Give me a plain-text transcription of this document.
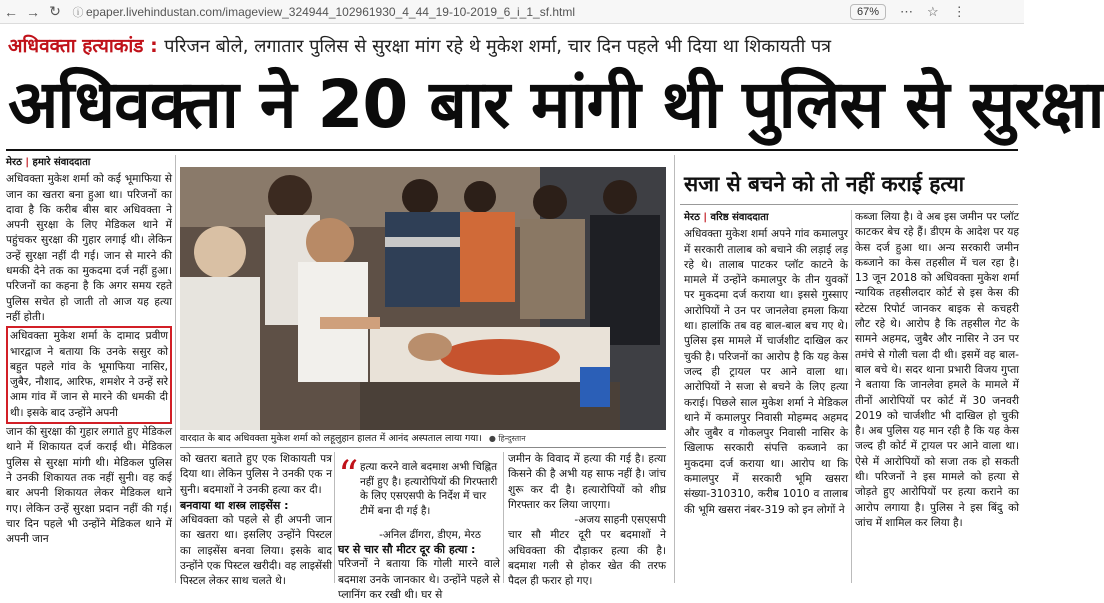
← → ↻	ⓘ epaper.livehindustan.com/imageview_324944_102961930_4_44_19-10-2019_6_i_1_sf.html	67%	⋯ ☆ ⋮
अधिवक्ता हत्याकांड : परिजन बोले, लगातार पुलिस से सुरक्षा मांग रहे थे मुकेश शर्मा, चार दिन पहले भी दिया था शिकायती पत्र
अधिवक्ता ने 20 बार मांगी थी पुलिस से सुरक्षा
मेरठ | हमारे संवाददाता

अधिवक्ता मुकेश शर्मा को कई भूमाफिया से जान का खतरा बना हुआ था। परिजनों का दावा है कि करीब बीस बार अधिवक्ता ने अपनी सुरक्षा के लिए मेडिकल थाने में पहुंचकर सुरक्षा की गुहार लगाई थी। लेकिन उन्हें सुरक्षा नहीं दी गई। जान से मारने की धमकी देने तक का मुकदमा दर्ज नहीं हुआ। परिजनों का कहना है कि अगर समय रहते पुलिस सचेत हो जाती तो आज यह हत्या नहीं होती।

अधिवक्ता मुकेश शर्मा के दामाद प्रवीण भारद्वाज ने बताया कि उनके ससुर को बहुत पहले गांव के भूमाफिया नासिर, जुबैर, नौशाद, आरिफ, शमशेर ने उन्हें सरे आम गांव में जान से मारने की धमकी दी थी। इसके बाद उन्होंने अपनी

जान की सुरक्षा की गुहार लगाते हुए मेडिकल थाने में शिकायत दर्ज कराई थी। मेडिकल पुलिस से सुरक्षा मांगी थी। मेडिकल पुलिस ने उनकी शिकायत तक नहीं सुनी। वह कई बार अपनी शिकायत लेकर मेडिकल थाने गए। लेकिन उन्हें सुरक्षा प्रदान नहीं की गई। चार दिन पहले भी उन्होंने मेडिकल थाने में अपनी जान

वारदात के बाद अधिवक्ता मुकेश शर्मा को लहूलुहान हालत में आनंद अस्पताल लाया गया। ● हिन्दुस्तान

को खतरा बताते हुए एक शिकायती पत्र दिया था। लेकिन पुलिस ने उनकी एक न सुनी। बदमाशों ने उनकी हत्या कर दी।

बनवाया था शस्त्र लाइसेंस :

अधिवक्ता को पहले से ही अपनी जान का खतरा था। इसलिए उन्होंने पिस्टल का लाइसेंस बनवा लिया। इसके बाद उन्होंने एक पिस्टल खरीदी। वह लाइसेंसी पिस्टल लेकर साथ चलते थे।

“ हत्या करने वाले बदमाश अभी चिह्नित नहीं हुए है। हत्यारोपियों की गिरफ्तारी के लिए एसएसपी के निर्देश में चार टीमें बना दी गई है।

-अनिल ढींगरा, डीएम, मेरठ

घर से चार सौ मीटर दूर की हत्या :

परिजनों ने बताया कि गोली मारने वाले बदमाश उनके जानकार थे। उन्होंने पहले से प्लानिंग कर रखी थी। घर से

जमीन के विवाद में हत्या की गई है। हत्या किसने की है अभी यह साफ नहीं है। जांच शुरू कर दी है। हत्यारोपियों को शीघ्र गिरफ्तार कर लिया जाएगा।

-अजय साहनी एसएसपी

चार सौ मीटर दूरी पर बदमाशों ने अधिवक्ता की दौड़ाकर हत्या की है। बदमाश गली से होकर खेत की तरफ पैदल ही फरार हो गए।

सजा से बचने को तो नहीं कराई हत्या
मेरठ | वरिष्ठ संवाददाता

अधिवक्ता मुकेश शर्मा अपने गांव कमालपुर में सरकारी तालाब को बचाने की लड़ाई लड़ रहे थे। तालाब पाटकर प्लॉट काटने के मामले में उन्होंने कमालपुर के तीन युवकों पर मुकदमा दर्ज कराया था। इससे गुस्साए आरोपियों ने उन पर जानलेवा हमला किया था। हालांकि तब वह बाल-बाल बच गए थे। पुलिस इस मामले में चार्जशीट दाखिल कर चुकी है। परिजनों का आरोप है कि यह केस जल्द ही ट्रायल पर आने वाला था। आरोपियों ने सजा से बचने के लिए हत्या कराई। पिछले साल मुकेश शर्मा ने मेडिकल थाने में कमालपुर निवासी मोहम्मद अहमद और जुबैर व गोकलपुर निवासी नासिर के खिलाफ सरकारी संपत्ति कब्जाने का मुकदमा दर्ज कराया था। आरोप था कि कमालपुर में सरकारी भूमि खसरा संख्या-310310, करीब 1010 व तालाब की भूमि खसरा नंबर-319 को इन लोगों ने

कब्जा लिया है। वे अब इस जमीन पर प्लॉट काटकर बेच रहे हैं। डीएम के आदेश पर यह केस दर्ज हुआ था। अन्य सरकारी जमीन कब्जाने का केस तहसील में चल रहा है। 13 जून 2018 को अधिवक्ता मुकेश शर्मा न्यायिक तहसीलदार कोर्ट से इस केस की स्टेटस रिपोर्ट जानकर बाइक से कचहरी लौट रहे थे। आरोप है कि तहसील गेट के सामने अहमद, जुबैर और नासिर ने उन पर तमंचे से गोली चला दी थी। इसमें वह बाल-बाल बचे थे। सदर थाना प्रभारी विजय गुप्ता ने बताया कि जानलेवा हमले के मामले में तीनों आरोपियों पर कोर्ट में 30 जनवरी 2019 को चार्जशीट भी दाखिल हो चुकी है। अब पुलिस यह मान रही है कि यह केस जल्द ही कोर्ट में ट्रायल पर आने वाला था। ऐसे में आरोपियों को सजा तक हो सकती थी। परिजनों ने इस मामले को हत्या से जोड़ते हुए आरोपियों पर हत्या कराने का आरोप लगाया है। पुलिस ने इस बिंदु को जांच में शामिल कर लिया है।
